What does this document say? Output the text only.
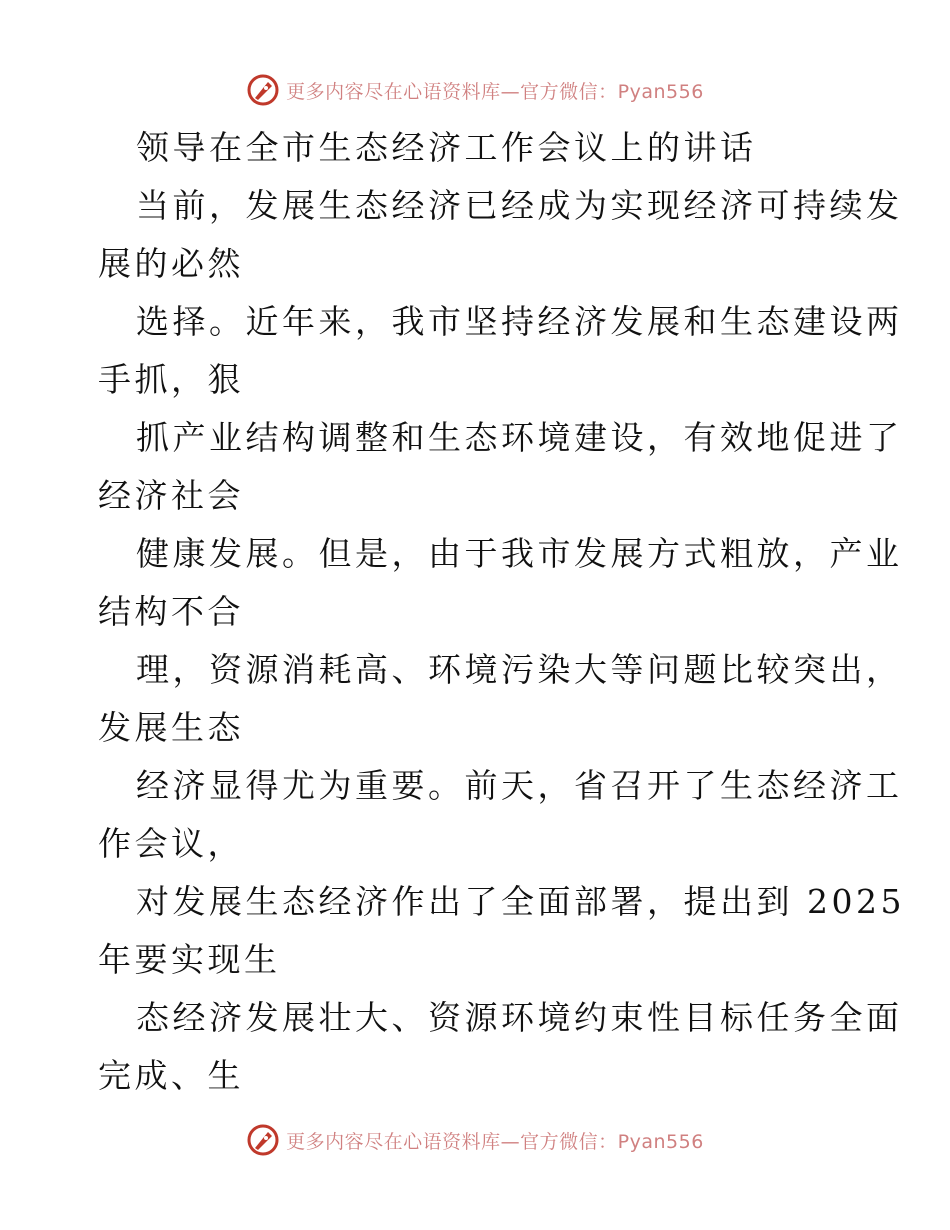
更多内容尽在心语资料库—官方微信：Pyan556
领导在全市生态经济工作会议上的讲话
当前，发展生态经济已经成为实现经济可持续发
展的必然
选择。近年来，我市坚持经济发展和生态建设两
手抓，狠
抓产业结构调整和生态环境建设，有效地促进了
经济社会
健康发展。但是，由于我市发展方式粗放，产业
结构不合
理，资源消耗高、环境污染大等问题比较突出，
发展生态
经济显得尤为重要。前天，省召开了生态经济工
作会议，
对发展生态经济作出了全面部署，提出到 2025
年要实现生
态经济发展壮大、资源环境约束性目标任务全面
完成、生
更多内容尽在心语资料库—官方微信：Pyan556
